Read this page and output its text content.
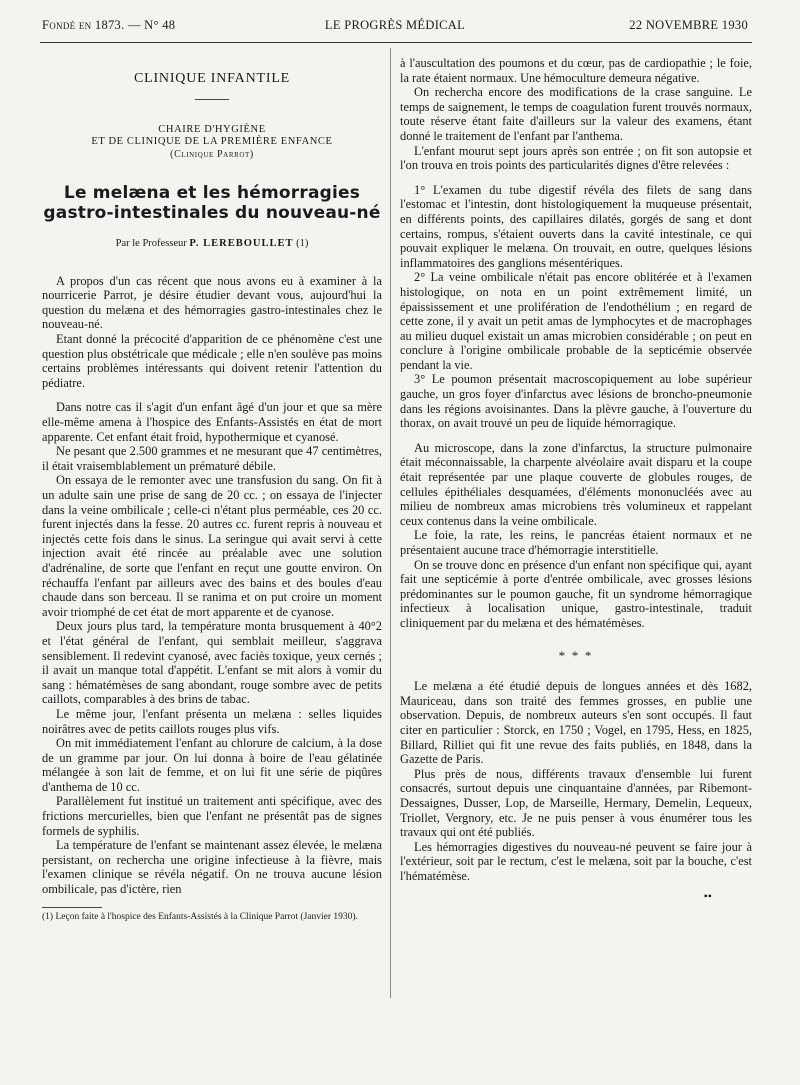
Fondé en 1873. — N° 48	LE PROGRÈS MÉDICAL	22 NOVEMBRE 1930
CLINIQUE INFANTILE
CHAIRE D'HYGIÈNE
ET DE CLINIQUE DE LA PREMIÈRE ENFANCE
(Clinique Parrot)
Le melæna et les hémorragies
gastro-intestinales du nouveau-né
Par le Professeur P. LEREBOULLET (1)

A propos d'un cas récent que nous avons eu à examiner à la nourricerie Parrot, je désire étudier devant vous, aujourd'hui la question du melæna et des hémorragies gastro-intestinales chez le nouveau-né.

Etant donné la précocité d'apparition de ce phénomène c'est une question plus obstétricale que médicale ; elle n'en soulève pas moins certains problèmes intéressants qui doivent retenir l'attention du pédiatre.

Dans notre cas il s'agit d'un enfant âgé d'un jour et que sa mère elle-même amena à l'hospice des Enfants-Assistés en état de mort apparente. Cet enfant était froid, hypothermique et cyanosé.

Ne pesant que 2.500 grammes et ne mesurant que 47 centimètres, il était vraisemblablement un prématuré débile.

On essaya de le remonter avec une transfusion du sang. On fit à un adulte sain une prise de sang de 20 cc. ; on essaya de l'injecter dans la veine ombilicale ; celle-ci n'étant plus perméable, ces 20 cc. furent injectés dans la fesse. 20 autres cc. furent repris à nouveau et injectés cette fois dans le sinus. La seringue qui avait servi à cette injection avait été rincée au préalable avec une solution d'adrénaline, de sorte que l'enfant en reçut une goutte environ. On réchauffa l'enfant par ailleurs avec des bains et des boules d'eau chaude dans son berceau. Il se ranima et on put croire un moment avoir triomphé de cet état de mort apparente et de cyanose.

Deux jours plus tard, la température monta brusquement à 40°2 et l'état général de l'enfant, qui semblait meilleur, s'aggrava sensiblement. Il redevint cyanosé, avec faciès toxique, yeux cernés ; il avait un manque total d'appétit. L'enfant se mit alors à vomir du sang : hématémèses de sang abondant, rouge sombre avec de petits caillots, comparables à des brins de tabac.

Le même jour, l'enfant présenta un melæna : selles liquides noirâtres avec de petits caillots rouges plus vifs.

On mit immédiatement l'enfant au chlorure de calcium, à la dose de un gramme par jour. On lui donna à boire de l'eau gélatinée mélangée à son lait de femme, et on lui fit une série de piqûres d'anthema de 10 cc.

Parallèlement fut institué un traitement anti spécifique, avec des frictions mercurielles, bien que l'enfant ne présentât pas de signes formels de syphilis.

La température de l'enfant se maintenant assez élevée, le melæna persistant, on rechercha une origine infectieuse à la fièvre, mais l'examen clinique se révéla négatif. On ne trouva aucune lésion ombilicale, pas d'ictère, rien

(1) Leçon faite à l'hospice des Enfants-Assistés à la Clinique Parrot (Janvier 1930).

à l'auscultation des poumons et du cœur, pas de cardiopathie ; le foie, la rate étaient normaux. Une hémoculture demeura négative.

On rechercha encore des modifications de la crase sanguine. Le temps de saignement, le temps de coagulation furent trouvés normaux, toute réserve étant faite d'ailleurs sur la valeur des examens, étant donné le traitement de l'enfant par l'anthema.

L'enfant mourut sept jours après son entrée ; on fit son autopsie et l'on trouva en trois points des particularités dignes d'être relevées :

1° L'examen du tube digestif révéla des filets de sang dans l'estomac et l'intestin, dont histologiquement la muqueuse présentait, en différents points, des capillaires dilatés, gorgés de sang et dont certains, rompus, s'étaient ouverts dans la cavité intestinale, ce qui pouvait expliquer le melæna. On trouvait, en outre, quelques lésions inflammatoires des ganglions mésentériques.

2° La veine ombilicale n'était pas encore oblitérée et à l'examen histologique, on nota en un point extrêmement limité, un épaississement et une prolifération de l'endothélium ; en regard de cette zone, il y avait un petit amas de lymphocytes et de macrophages au milieu duquel existait un amas microbien considérable ; on peut en conclure à l'origine ombilicale probable de la septicémie observée pendant la vie.

3° Le poumon présentait macroscopiquement au lobe supérieur gauche, un gros foyer d'infarctus avec lésions de broncho-pneumonie dans les régions avoisinantes. Dans la plèvre gauche, à l'ouverture du thorax, on avait trouvé un peu de liquide hémorragique.

Au microscope, dans la zone d'infarctus, la structure pulmonaire était méconnaissable, la charpente alvéolaire avait disparu et la coupe était représentée par une plaque couverte de globules rouges, de cellules épithéliales desquamées, d'éléments mononucléés avec au milieu de nombreux amas microbiens très volumineux et rappelant ceux contenus dans la veine ombilicale.

Le foie, la rate, les reins, le pancréas étaient normaux et ne présentaient aucune trace d'hémorragie interstitielle.

On se trouve donc en présence d'un enfant non spécifique qui, ayant fait une septicémie à porte d'entrée ombilicale, avec grosses lésions prédominantes sur le poumon gauche, fit un syndrome hémorragique infectieux à localisation unique, gastro-intestinale, traduit cliniquement par du melæna et des hématémèses.

* * *

Le melæna a été étudié depuis de longues années et dès 1682, Mauriceau, dans son traité des femmes grosses, en publie une observation. Depuis, de nombreux auteurs s'en sont occupés. Il faut citer en particulier : Storck, en 1750 ; Vogel, en 1795, Hess, en 1825, Billard, Rilliet qui fit une revue des faits publiés, en 1848, dans la Gazette de Paris.

Plus près de nous, différents travaux d'ensemble lui furent consacrés, surtout depuis une cinquantaine d'années, par Ribemont-Dessaignes, Dusser, Lop, de Marseille, Hermary, Demelin, Lequeux, Triollet, Vergnory, etc. Je ne puis penser à vous énumérer tous les travaux qui ont été publiés.

Les hémorragies digestives du nouveau-né peuvent se faire jour à l'extérieur, soit par le rectum, c'est le melæna, soit par la bouche, c'est l'hématémèse.

••
